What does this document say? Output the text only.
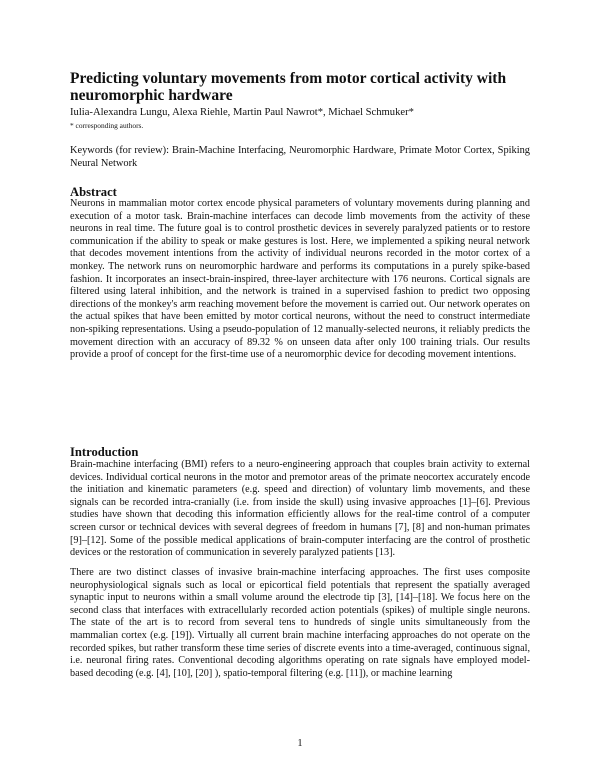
Predicting voluntary movements from motor cortical activity with neuromorphic hardware
Iulia-Alexandra Lungu, Alexa Riehle, Martin Paul Nawrot*, Michael Schmuker*
* corresponding authors.
Keywords (for review): Brain-Machine Interfacing, Neuromorphic Hardware, Primate Motor Cortex, Spiking Neural Network
Abstract

Neurons in mammalian motor cortex encode physical parameters of voluntary movements during planning and execution of a motor task. Brain-machine interfaces can decode limb movements from the activity of these neurons in real time. The future goal is to control prosthetic devices in severely paralyzed patients or to restore communication if the ability to speak or make gestures is lost. Here, we implemented a spiking neural network that decodes movement intentions from the activity of individual neurons recorded in the motor cortex of a monkey. The network runs on neuromorphic hardware and performs its computations in a purely spike-based fashion. It incorporates an insect-brain-inspired, three-layer architecture with 176 neurons. Cortical signals are filtered using lateral inhibition, and the network is trained in a supervised fashion to predict two opposing directions of the monkey's arm reaching movement before the movement is carried out. Our network operates on the actual spikes that have been emitted by motor cortical neurons, without the need to construct intermediate non-spiking representations. Using a pseudo-population of 12 manually-selected neurons, it reliably predicts the movement direction with an accuracy of 89.32 % on unseen data after only 100 training trials. Our results provide a proof of concept for the first-time use of a neuromorphic device for decoding movement intentions.

Introduction

Brain-machine interfacing (BMI) refers to a neuro-engineering approach that couples brain activity to external devices. Individual cortical neurons in the motor and premotor areas of the primate neocortex accurately encode the initiation and kinematic parameters (e.g. speed and direction) of voluntary limb movements, and these signals can be recorded intra-cranially (i.e. from inside the skull) using invasive approaches [1]–[6]. Previous studies have shown that decoding this information efficiently allows for the real-time control of a computer screen cursor or technical devices with several degrees of freedom in humans [7], [8] and non-human primates [9]–[12]. Some of the possible medical applications of brain-computer interfacing are the control of prosthetic devices or the restoration of communication in severely paralyzed patients [13].

There are two distinct classes of invasive brain-machine interfacing approaches. The first uses composite neurophysiological signals such as local or epicortical field potentials that represent the spatially averaged synaptic input to neurons within a small volume around the electrode tip [3], [14]–[18]. We focus here on the second class that interfaces with extracellularly recorded action potentials (spikes) of multiple single neurons. The state of the art is to record from several tens to hundreds of single units simultaneously from the mammalian cortex (e.g. [19]). Virtually all current brain machine interfacing approaches do not operate on the recorded spikes, but rather transform these time series of discrete events into a time-averaged, continuous signal, i.e. neuronal firing rates. Conventional decoding algorithms operating on rate signals have employed model-based decoding (e.g. [4], [10], [20] ), spatio-temporal filtering (e.g. [11]), or machine learning

1
